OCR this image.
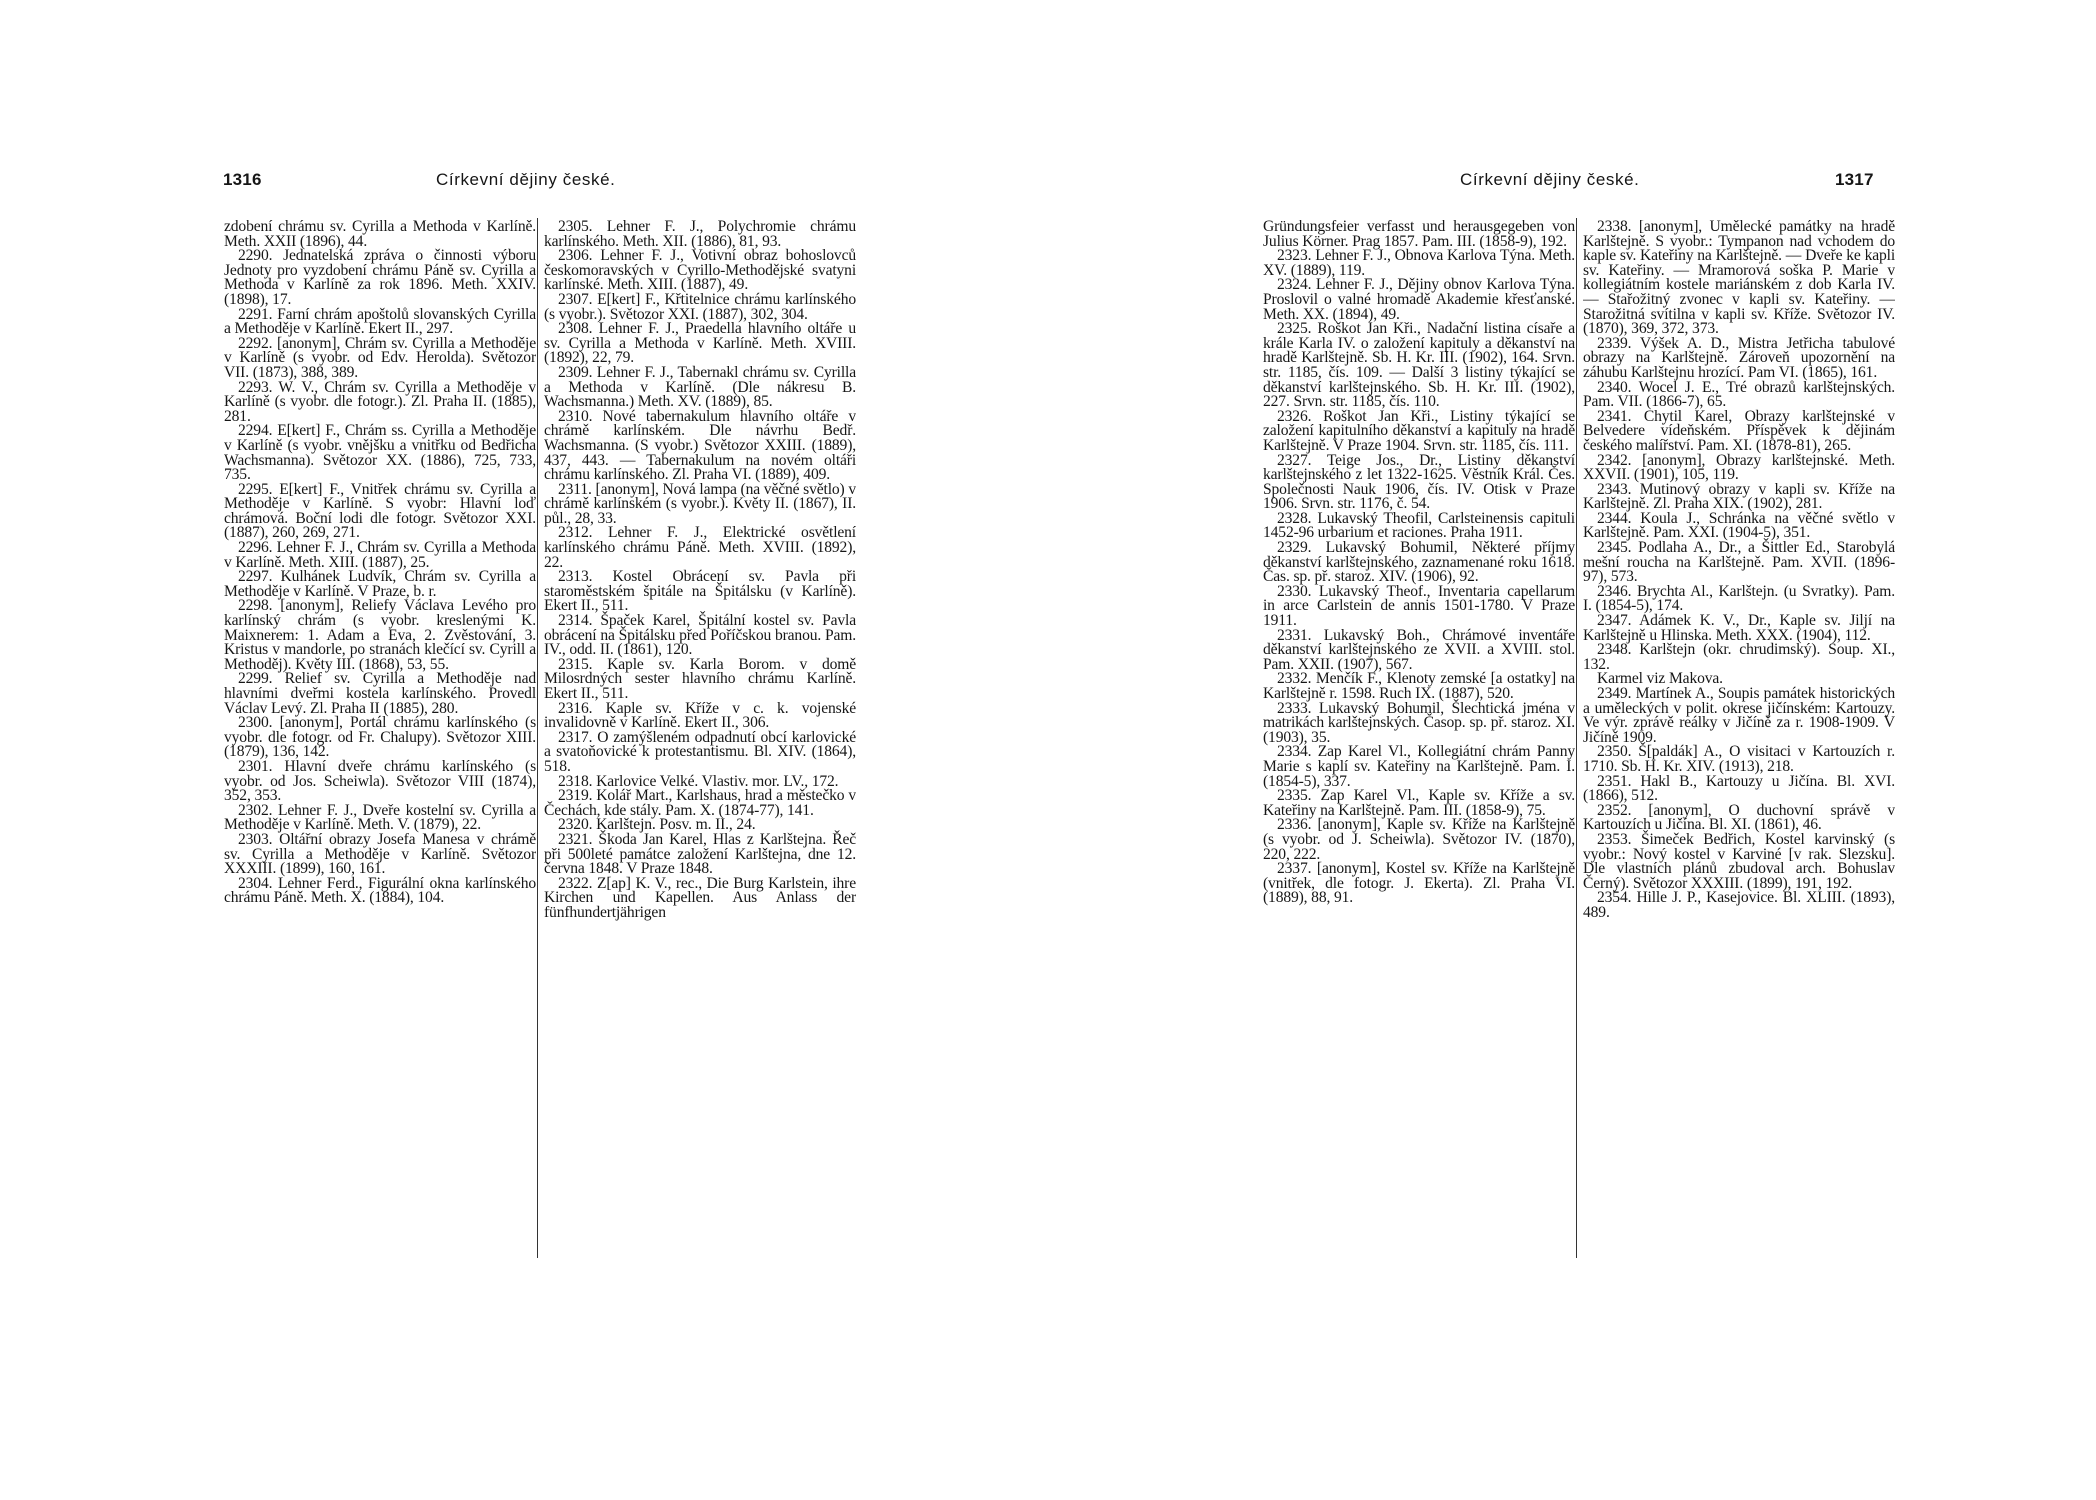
1316	Církevní dějiny české.

zdobení chrámu sv. Cyrilla a Methoda v Karlíně. Meth. XXII (1896), 44.

2290. Jednatelská zpráva o činnosti výboru Jednoty pro vyzdobení chrámu Páně sv. Cyrilla a Methoda v Karlíně za rok 1896. Meth. XXIV. (1898), 17.

2291. Farní chrám apoštolů slovanských Cyrilla a Methoděje v Karlíně. Ekert II., 297.

2292. [anonym], Chrám sv. Cyrilla a Methoděje v Karlíně (s vyobr. od Edv. Herolda). Světozor VII. (1873), 388, 389.

2293. W. V., Chrám sv. Cyrilla a Methoděje v Karlíně (s vyobr. dle fotogr.). Zl. Praha II. (1885), 281.

2294. E[kert] F., Chrám ss. Cyrilla a Methoděje v Karlíně (s vyobr. vnějšku a vnitřku od Bedřicha Wachsmanna). Světozor XX. (1886), 725, 733, 735.

2295. E[kert] F., Vnitřek chrámu sv. Cyrilla a Methoděje v Karlíně. S vyobr: Hlavní loď chrámová. Boční lodi dle fotogr. Světozor XXI. (1887), 260, 269, 271.

2296. Lehner F. J., Chrám sv. Cyrilla a Methoda v Karlíně. Meth. XIII. (1887), 25.

2297. Kulhánek Ludvík, Chrám sv. Cyrilla a Methoděje v Karlíně. V Praze, b. r.

2298. [anonym], Reliefy Václava Levého pro karlínský chrám (s vyobr. kreslenými K. Maixnerem: 1. Adam a Eva, 2. Zvěstování, 3. Kristus v mandorle, po stranách klečící sv. Cyrill a Methoděj). Květy III. (1868), 53, 55.

2299. Relief sv. Cyrilla a Methoděje nad hlavními dveřmi kostela karlínského. Provedl Václav Levý. Zl. Praha II (1885), 280.

2300. [anonym], Portál chrámu karlínského (s vyobr. dle fotogr. od Fr. Chalupy). Světozor XIII. (1879), 136, 142.

2301. Hlavní dveře chrámu karlínského (s vyobr. od Jos. Scheiwla). Světozor VIII (1874), 352, 353.

2302. Lehner F. J., Dveře kostelní sv. Cyrilla a Methoděje v Karlíně. Meth. V. (1879), 22.

2303. Oltářní obrazy Josefa Manesa v chrámě sv. Cyrilla a Methoděje v Karlíně. Světozor XXXIII. (1899), 160, 161.

2304. Lehner Ferd., Figurální okna karlínského chrámu Páně. Meth. X. (1884), 104.

2305. Lehner F. J., Polychromie chrámu karlínského. Meth. XII. (1886), 81, 93.

2306. Lehner F. J., Votivní obraz bohoslovců českomoravských v Cyrillo-Methodějské svatyni karlínské. Meth. XIII. (1887), 49.

2307. E[kert] F., Křtitelnice chrámu karlínského (s vyobr.). Světozor XXI. (1887), 302, 304.

2308. Lehner F. J., Praedella hlavního oltáře u sv. Cyrilla a Methoda v Karlíně. Meth. XVIII. (1892), 22, 79.

2309. Lehner F. J., Tabernakl chrámu sv. Cyrilla a Methoda v Karlíně. (Dle nákresu B. Wachsmanna.) Meth. XV. (1889), 85.

2310. Nové tabernakulum hlavního oltáře v chrámě karlínském. Dle návrhu Bedř. Wachsmanna. (S vyobr.) Světozor XXIII. (1889), 437, 443. — Tabernakulum na novém oltáři chrámu karlínského. Zl. Praha VI. (1889), 409.

2311. [anonym], Nová lampa (na věčné světlo) v chrámě karlínském (s vyobr.). Květy II. (1867), II. půl., 28, 33.

2312. Lehner F. J., Elektrické osvětlení karlínského chrámu Páně. Meth. XVIII. (1892), 22.

2313. Kostel Obrácení sv. Pavla při staroměstském špitále na Špitálsku (v Karlíně). Ekert II., 511.

2314. Špaček Karel, Špitální kostel sv. Pavla obrácení na Špitálsku před Poříčskou branou. Pam. IV., odd. II. (1861), 120.

2315. Kaple sv. Karla Borom. v domě Milosrdných sester hlavního chrámu Karlíně. Ekert II., 511.

2316. Kaple sv. Kříže v c. k. vojenské invalidovně v Karlíně. Ekert II., 306.

2317. O zamýšleném odpadnutí obcí karlovické a svatoňovické k protestantismu. Bl. XIV. (1864), 518.

2318. Karlovice Velké. Vlastiv. mor. LV., 172.

2319. Kolář Mart., Karlshaus, hrad a městečko v Čechách, kde stály. Pam. X. (1874-77), 141.

2320. Karlštejn. Posv. m. II., 24.

2321. Škoda Jan Karel, Hlas z Karlštejna. Řeč při 500leté památce založení Karlštejna, dne 12. června 1848. V Praze 1848.

2322. Z[ap] K. V., rec., Die Burg Karlstein, ihre Kirchen und Kapellen. Aus Anlass der fünfhundertjährigen

Církevní dějiny české.	1317

Gründungsfeier verfasst und herausgegeben von Julius Körner. Prag 1857. Pam. III. (1858-9), 192.

2323. Lehner F. J., Obnova Karlova Týna. Meth. XV. (1889), 119.

2324. Lehner F. J., Dějiny obnov Karlova Týna. Proslovil o valné hromadě Akademie křesťanské. Meth. XX. (1894), 49.

2325. Roškot Jan Kři., Nadační listina císaře a krále Karla IV. o založení kapituly a děkanství na hradě Karlštejně. Sb. H. Kr. III. (1902), 164. Srvn. str. 1185, čís. 109. — Další 3 listiny týkající se děkanství karlštejnského. Sb. H. Kr. III. (1902), 227. Srvn. str. 1185, čís. 110.

2326. Roškot Jan Kři., Listiny týkající se založení kapitulního děkanství a kapituly na hradě Karlštejně. V Praze 1904. Srvn. str. 1185, čís. 111.

2327. Teige Jos., Dr., Listiny děkanství karlštejnského z let 1322-1625. Věstník Král. Čes. Společnosti Nauk 1906, čís. IV. Otisk v Praze 1906. Srvn. str. 1176, č. 54.

2328. Lukavský Theofil, Carlsteinensis capituli 1452-96 urbarium et raciones. Praha 1911.

2329. Lukavský Bohumil, Některé příjmy děkanství karlštejnského, zaznamenané roku 1618. Čas. sp. př. staroz. XIV. (1906), 92.

2330. Lukavský Theof., Inventaria capellarum in arce Carlstein de annis 1501-1780. V Praze 1911.

2331. Lukavský Boh., Chrámové inventáře děkanství karlštejnského ze XVII. a XVIII. stol. Pam. XXII. (1907), 567.

2332. Menčík F., Klenoty zemské [a ostatky] na Karlštejně r. 1598. Ruch IX. (1887), 520.

2333. Lukavský Bohumil, Šlechtická jména v matrikách karlštejnských. Časop. sp. př. staroz. XI. (1903), 35.

2334. Zap Karel Vl., Kollegiátní chrám Panny Marie s kaplí sv. Kateřiny na Karlštejně. Pam. I. (1854-5), 337.

2335. Zap Karel Vl., Kaple sv. Kříže a sv. Kateřiny na Karlštejně. Pam. III. (1858-9), 75.

2336. [anonym], Kaple sv. Kříže na Karlštejně (s vyobr. od J. Scheiwla). Světozor IV. (1870), 220, 222.

2337. [anonym], Kostel sv. Kříže na Karlštejně (vnitřek, dle fotogr. J. Ekerta). Zl. Praha VI. (1889), 88, 91.

2338. [anonym], Umělecké památky na hradě Karlštejně. S vyobr.: Tympanon nad vchodem do kaple sv. Kateřiny na Karlštejně. — Dveře ke kapli sv. Kateřiny. — Mramorová soška P. Marie v kollegiátním kostele mariánském z dob Karla IV. — Stařožitný zvonec v kapli sv. Kateřiny. — Starožitná svítilna v kapli sv. Kříže. Světozor IV. (1870), 369, 372, 373.

2339. Výšek A. D., Mistra Jetřicha tabulové obrazy na Karlštejně. Zároveň upozornění na záhubu Karlštejnu hrozící. Pam VI. (1865), 161.

2340. Wocel J. E., Tré obrazů karlštejnských. Pam. VII. (1866-7), 65.

2341. Chytil Karel, Obrazy karlštejnské v Belvedere vídeňském. Příspěvek k dějinám českého malířství. Pam. XI. (1878-81), 265.

2342. [anonym], Obrazy karlštejnské. Meth. XXVII. (1901), 105, 119.

2343. Mutinový obrazy v kapli sv. Kříže na Karlštejně. Zl. Praha XIX. (1902), 281.

2344. Koula J., Schránka na věčné světlo v Karlštejně. Pam. XXI. (1904-5), 351.

2345. Podlaha A., Dr., a Šittler Ed., Starobylá mešní roucha na Karlštejně. Pam. XVII. (1896-97), 573.

2346. Brychta Al., Karlštejn. (u Svratky). Pam. I. (1854-5), 174.

2347. Adámek K. V., Dr., Kaple sv. Jiljí na Karlštejně u Hlinska. Meth. XXX. (1904), 112.

2348. Karlštejn (okr. chrudimský). Soup. XI., 132.

Karmel viz Makova.

2349. Martínek A., Soupis památek historických a uměleckých v polit. okrese jičínském: Kartouzy. Ve výr. zprávě reálky v Jičíně za r. 1908-1909. V Jičíně 1909.

2350. Š[paldák] A., O visitaci v Kartouzích r. 1710. Sb. H. Kr. XIV. (1913), 218.

2351. Hakl B., Kartouzy u Jičína. Bl. XVI. (1866), 512.

2352. [anonym], O duchovní správě v Kartouzích u Jičína. Bl. XI. (1861), 46.

2353. Šimeček Bedřich, Kostel karvinský (s vyobr.: Nový kostel v Karviné [v rak. Slezsku]. Dle vlastních plánů zbudoval arch. Bohuslav Černý). Světozor XXXIII. (1899), 191, 192.

2354. Hille J. P., Kasejovice. Bl. XLIII. (1893), 489.
